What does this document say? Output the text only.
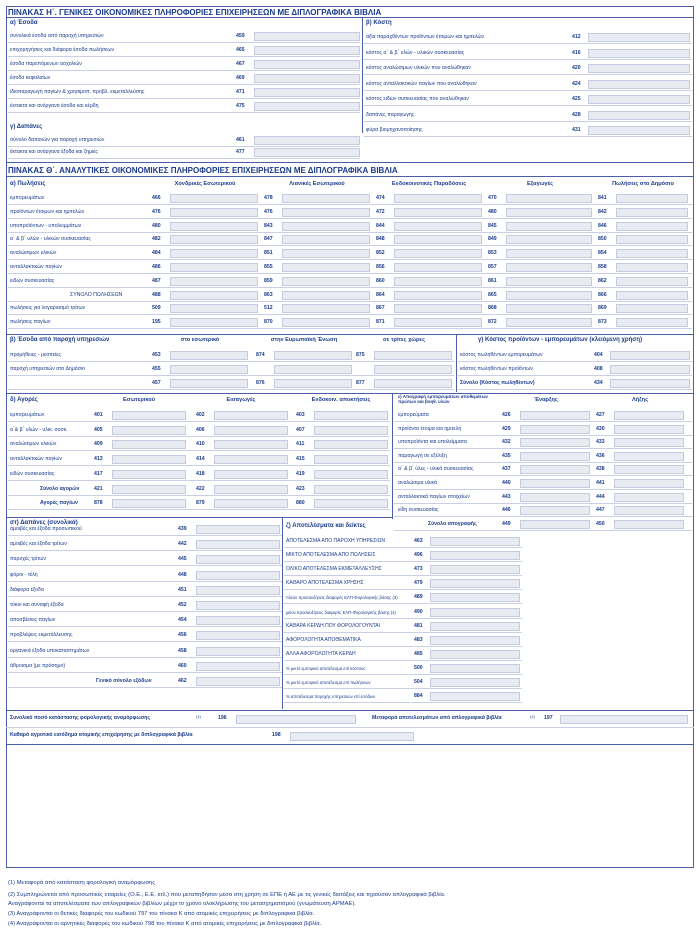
ΠΙΝΑΚΑΣ Η΄. ΓΕΝΙΚΕΣ ΟΙΚΟΝΟΜΙΚΕΣ ΠΛΗΡΟΦΟΡΙΕΣ ΕΠΙΧΕΙΡΗΣΕΩΝ ΜΕ ΔΙΠΛΟΓΡΑΦΙΚΑ ΒΙΒΛΙΑ
α) Έσοδα
συνολικά έσοδα από παροχή υπηρεσιών	459
επιχορηγήσεις και διάφορα έσοδα πωλήσεων	465
έσοδα παρεπόμενων ασχολιών	467
έσοδα κεφαλαίων	469
ιδιοπαραγωγή παγίων & χρησιμοπ. προβλ. εκμεταλλεύσης	471
έκτακτα και ανόργανα έσοδα και κέρδη	475
γ) Δαπάνες
σύνολο δαπανών για παροχή υπηρεσιών	461
έκτακτα και ανόργανα έξοδα και ζημιές	477
β) Κόστη
αξία παραχθέντων προϊόντων έτοιμων και ημιτελών	412
κόστος α΄ & β΄ υλών - υλικών συσκευασίας	416
κόστος αναλώσιμων υλικών που αναλώθηκαν	420
κόστος ανταλλακτικών παγίων που αναλώθηκαν	424
κόστος ειδών συσκευασίας που αναλώθηκαν	425
δαπάνες παραγωγής	428
φύρα βιομηχανοποίησης	431
ΠΙΝΑΚΑΣ Θ΄. ΑΝΑΛΥΤΙΚΕΣ ΟΙΚΟΝΟΜΙΚΕΣ ΠΛΗΡΟΦΟΡΙΕΣ ΕΠΙΧΕΙΡΗΣΕΩΝ ΜΕ ΔΙΠΛΟΓΡΑΦΙΚΑ ΒΙΒΛΙΑ
α) Πωλήσεις	Χονδρικές Εσωτερικού	Λιανικές Εσωτερικού	Ενδοκοινοτικές Παραδόσεις	Εξαγωγές	Πωλήσεις στο Δημόσιο
εμπορευμάτων	466	478	474	470	841
προϊόντων έτοιμων και ημιτελών	476	476	472	480	842
υποπροϊόντων - υπολειμμάτων	480	843	844	845	846
α΄ & β΄ υλών - υλικών συσκευασίας	482	847	848	849	850
αναλώσιμων υλικών	484	851	852	853	854
ανταλλακτικών παγίων	486	855	856	857	858
ειδών συσκευασίας	487	859	860	861	862
ΣΥΝΟΛΟ ΠΩΛΗΣΕΩΝ	488	863	864	865	866
πωλήσεις για λογαριασμό τρίτων	509	512	867	868	869
πωλήσεις παγίων	195	870	871	872	873
β) Έσοδα από παροχή υπηρεσιών	στο εσωτερικό	στην Ευρωπαϊκή Ένωση	σε τρίτες χώρες
προμήθειες - μεσιτείες	453	874	875
παροχή υπηρεσιών στο Δημόσιο	455
457	876	877
γ) Κόστος προϊόντων - εμπορευμάτων (κλειόμενη χρήση)
κόστος πωληθέντων εμπορευμάτων	404
κόστος πωληθέντων προϊόντων	408
Σύνολο (Κόστος πωληθέντων)	434
δ) Αγορές	Εσωτερικού	Εισαγωγές	Ενδοκοιν. αποκτήσεις
εμπορευμάτων	401	402	403
α΄& β΄ υλών - υλικ. συσκ.	405	406	407
αναλώσιμων υλικών	409	410	411
ανταλλακτικών παγίων	413	414	415
ειδών συσκευασίας	417	418	419
Σύνολο αγορών	421	422	423
Αγορές παγίων	878	879	880
ε) Απογραφή εμπορευμάτων αποθεμάτων πρώτων και βοηθ. υλών	Έναρξης	Λήξης
εμπορεύματα	426	427
προϊόντα έτοιμα και ημιτελή	429	430
υποπροϊόντα και υπολείμματα	432	433
παραγωγή σε εξέλιξη	435	436
α΄ & β΄ ύλες - υλικά συσκευασίας	437	438
αναλώσιμα υλικά	440	441
ανταλλακτικά παγίων στοιχείων	443	444
είδη συσκευασίας	446	447
Σύνολο απογραφής	449	450
στ) Δαπάνες (συνολικά)
αμοιβές και έξοδα προσωπικού	439
αμοιβές και έξοδα τρίτων	442
παροχές τρίτων	445
φόροι - τέλη	448
διάφορα έξοδα	451
τόκοι και συναφή έξοδα	452
αποσβέσεις παγίων	454
προβλέψεις εκμετάλλευσης	456
οργανικά έξοδα υποκαταστημάτων	458
άθροισμα (με πρόσημο)	460
Γενικό σύνολο εξόδων	462
ζ) Αποτελέσματα και δείκτες
ΑΠΟΤΕΛΕΣΜΑ ΑΠΟ ΠΑΡΟΧΗ ΥΠΗΡΕΣΙΩΝ	463
ΜΙΚΤΟ ΑΠΟΤΕΛΕΣΜΑ ΑΠΟ ΠΩΛΗΣΕΙΣ	496
ΟΛΙΚΟ ΑΠΟΤΕΛΕΣΜΑ ΕΚΜΕΤΑΛΛΕΥΣΗΣ	473
ΚΑΘΑΡΟ ΑΠΟΤΕΛΕΣΜΑ ΧΡΗΣΗΣ	479
πλέον προσαυξήσεις διαφορές ΕΛΠ-Φορολογικής βάσης (3)	489
μείον προσαυξήσεις διαφορές ΕΛΠ-Φορολογικής βάσης (4)	490
ΚΑΘΑΡΑ ΚΕΡΔΗ ΠΟΥ ΦΟΡΟΛΟΓΟΥΝΤΑΙ	481
ΑΦΟΡΟΛΟΓΗΤΑ ΑΠΟΘΕΜΑΤΙΚΑ	483
ΑΛΛΑ ΑΦΟΡΟΛΟΓΗΤΑ ΚΕΡΔΗ	485
% μικτό εμπορικό αποτέλεσμα επί κόστους	500
% μικτό εμπορικό αποτέλεσμα επί πωλήσεων	504
% αποτέλεσμα παροχής υπηρεσιών επί εσόδων	884
Συνολικό ποσό κατάστασης φορολογικής αναμόρφωσης	(1)	196	Μεταφορά αποτελεσμάτων από απλογραφικά βιβλία	(2) 197
Καθαρό αγροτικό εισόδημα ατομικής επιχείρησης με διπλογραφικά βιβλία	198
(1) Μεταφορά από κατάσταση φορολογική αναμόρφωσης
(2) Συμπληρώνεται από προσωπικές εταιρείες (Ο.Ε., Ε.Ε. κτλ.) που μεταπηδήσαν μέσα στη χρήση σε ΕΠΕ ή ΑΕ με τις γενικές διατάξεις και τηρούσαν απλογραφικά βιβλία.
Αναγράφονται τα αποτελέσματα των απλογραφικών βιβλίων μέχρι το χρόνο ολοκλήρωσης του μετασχηματισμού (γνωμάτευση ΑΡΜΑΕ).
(3) Αναγράφονται οι θετικές διαφορές του κωδικού 797 του πίνακα Κ από ατομικές επιχειρήσεις με διπλογραφικά βιβλία.
(4) Αναγράφονται οι αρνητικές διαφορές του κωδικού 798 του πίνακα Κ από ατομικές επιχειρήσεις με διπλογραφικά βιβλία.
